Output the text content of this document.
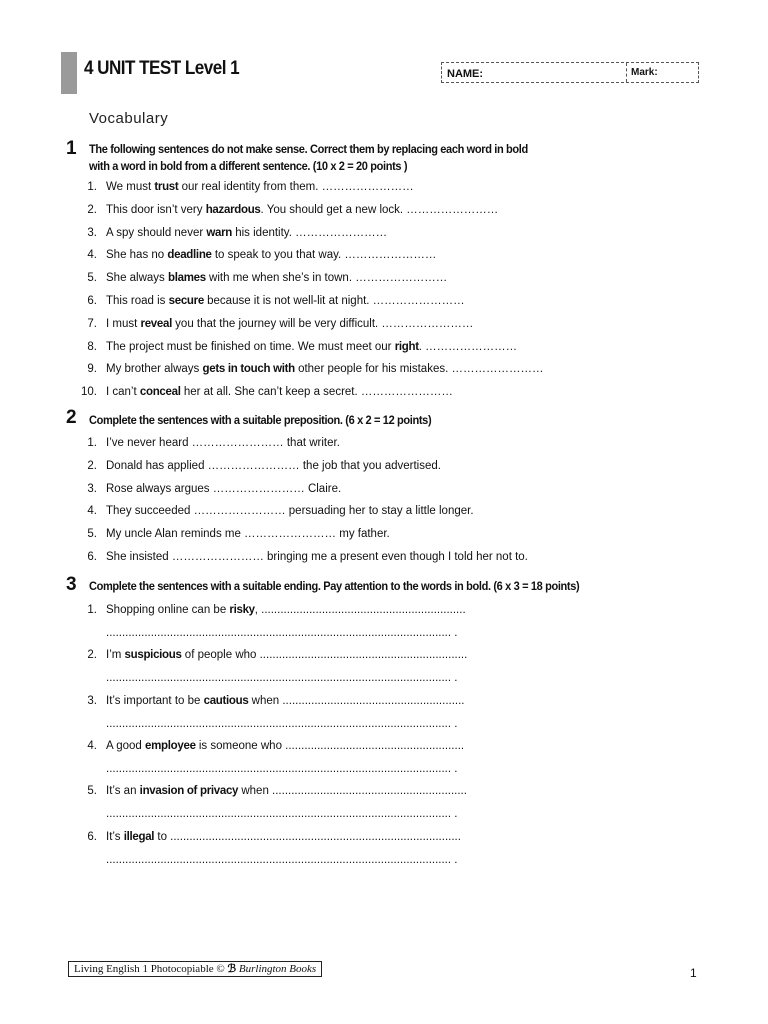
4 UNIT TEST Level 1	NAME:	Mark:
Vocabulary
1 The following sentences do not make sense. Correct them by replacing each word in bold
with a word in bold from a different sentence. (10 x 2 = 20 points )
1. We must trust our real identity from them. ……………………
2. This door isn’t very hazardous. You should get a new lock. ……………………
3. A spy should never warn his identity. ……………………
4. She has no deadline to speak to you that way. ……………………
5. She always blames with me when she’s in town. ……………………
6. This road is secure because it is not well-lit at night. ……………………
7. I must reveal you that the journey will be very difficult. ……………………
8. The project must be finished on time. We must meet our right. ……………………
9. My brother always gets in touch with other people for his mistakes. ……………………
10. I can’t conceal her at all. She can’t keep a secret. ……………………
2 Complete the sentences with a suitable preposition. (6 x 2 = 12 points)
1. I’ve never heard …………………… that writer.
2. Donald has applied …………………… the job that you advertised.
3. Rose always argues …………………… Claire.
4. They succeeded …………………… persuading her to stay a little longer.
5. My uncle Alan reminds me …………………… my father.
6. She insisted …………………… bringing me a present even though I told her not to.
3 Complete the sentences with a suitable ending. Pay attention to the words in bold. (6 x 3 = 18 points)
1. Shopping online can be risky, ................................................................
............................................................................................................ .
2. I’m suspicious of people who .................................................................
............................................................................................................ .
3. It’s important to be cautious when .........................................................
............................................................................................................ .
4. A good employee is someone who ........................................................
............................................................................................................ .
5. It’s an invasion of privacy when .............................................................
............................................................................................................ .
6. It’s illegal to ...........................................................................................
............................................................................................................ .
Living English 1 Photocopiable © ℬ Burlington Books	1
